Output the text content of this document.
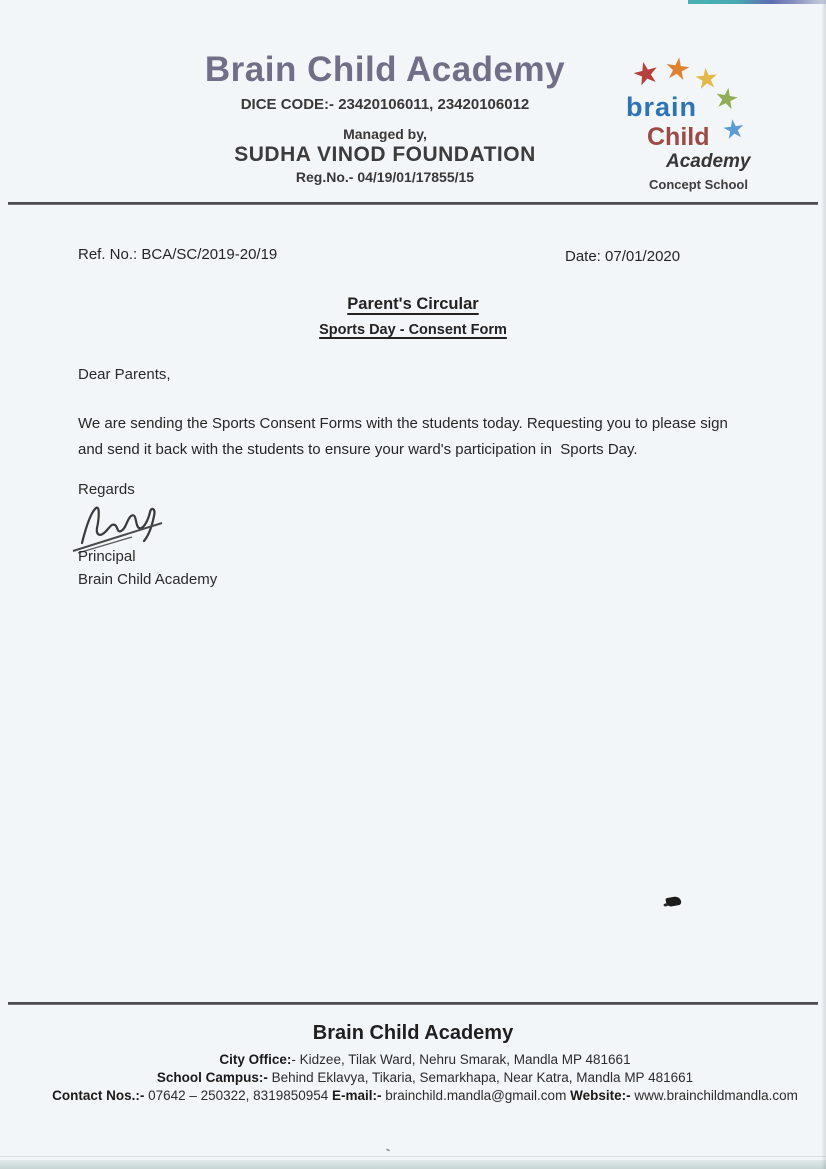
Brain Child Academy
DICE CODE:- 23420106011, 23420106012
Managed by,
SUDHA VINOD FOUNDATION
Reg.No.- 04/19/01/17855/15
★
★ ★
★
★
brain
Child
Academy
Concept School
Ref. No.: BCA/SC/2019-20/19	Date: 07/01/2020
Parent's Circular
Sports Day - Consent Form
Dear Parents,
We are sending the Sports Consent Forms with the students today. Requesting you to please sign and send it back with the students to ensure your ward's participation in  Sports Day.
Regards
Principal
Brain Child Academy
Brain Child Academy
City Office:- Kidzee, Tilak Ward, Nehru Smarak, Mandla MP 481661
School Campus:- Behind Eklavya, Tikaria, Semarkhapa, Near Katra, Mandla MP 481661
Contact Nos.:- 07642 – 250322, 8319850954 E-mail:- brainchild.mandla@gmail.com Website:- www.brainchildmandla.com
